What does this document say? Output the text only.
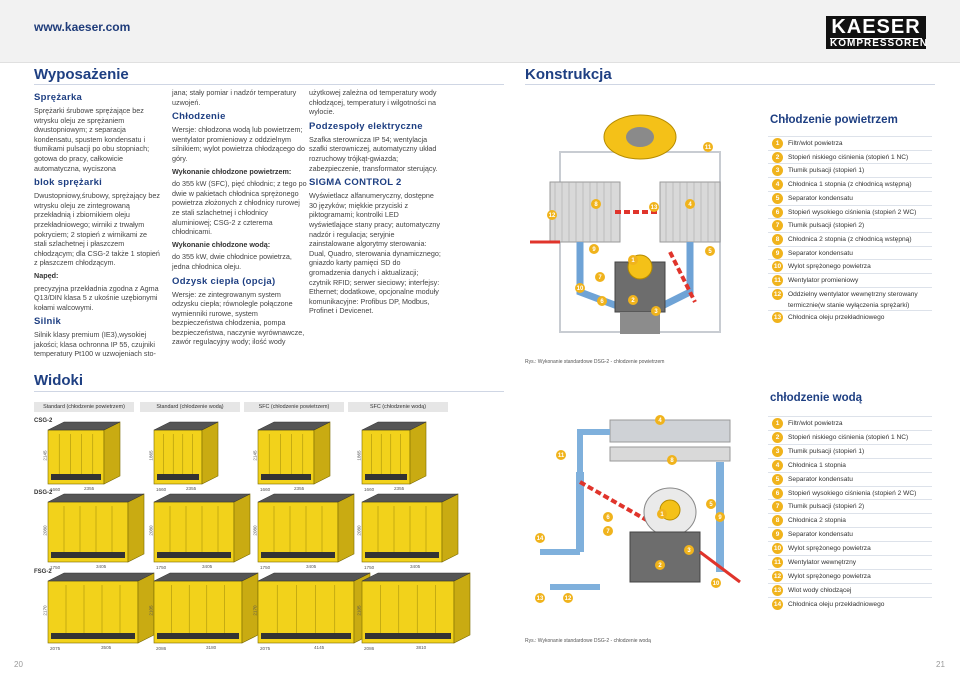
www.kaeser.com	KAESER
KOMPRESSOREN
Wyposażenie
Sprężarka

Sprężarki śrubowe sprężające bez wtrysku oleju ze sprężaniem dwustopniowym; z separacja kondensatu, spustem kondensatu i tłumikami pulsacji po obu stopniach; gotowa do pracy, całkowicie automatyczna, wyciszona

blok sprężarki

Dwustopniowy,śrubowy, sprężający bez wtrysku oleju ze zintegrowaną przekładnią i zbiornikiem oleju przekładniowego; wirniki z trwałym pokryciem; 2 stopień z wirnikami ze stali szlachetnej i płaszczem chłodzącym; dla CSG-2 także 1 stopień z płaszczem chłodzącym.

Napęd:

precyzyjna przekładnia zgodna z Agma Q13/DIN klasa 5 z ukośnie uzębionymi kołami walcowymi.

Silnik

Silnik klasy premium (IE3),wysokiej jakości; klasa ochronna IP 55, czujniki temperatury Pt100 w uzwojeniach sto-

jana; stały pomiar i nadzór temperatury uzwojeń.

Chłodzenie

Wersje: chłodzona wodą lub powietrzem; wentylator promieniowy z oddzielnym silnikiem; wylot powietrza chłodzącego do góry.

Wykonanie chłodzone powietrzem:

do 355 kW (SFC), pięć chłodnic; z tego po dwie w pakietach chłodnica sprężonego powietrza złożonych z chłodnicy rurowej ze stali szlachetnej i chłodnicy aluminiowej; CSG-2 z czterema chłodnicami.

Wykonanie chłodzone wodą:

do 355 kW, dwie chłodnice powietrza, jedna chłodnica oleju.

Odzysk ciepła (opcja)

Wersje: ze zintegrowanym system odzysku ciepła; równolegle połączone wymienniki rurowe, system bezpieczeństwa chłodzenia, pompa bezpieczeństwa, naczynie wyrównawcze, zawór regulacyjny wody; ilość wody

użytkowej zależna od temperatury wody chłodzącej, temperatury i wilgotności na wylocie.

Podzespoły elektryczne

Szafka sterownicza IP 54; wentylacja szafki sterowniczej, automatyczny układ rozruchowy trójkąt-gwiazda; zabezpieczenie, transformator sterujący.

SIGMA CONTROL 2

Wyświetlacz alfanumeryczny, dostępne 30 języków; miękkie przyciski z piktogramami; kontrolki LED wyświetlające stany pracy; automatyczny nadzór i regulacja; seryjnie zainstalowane algorytmy sterowania: Dual, Quadro, sterowania dynamicznego; gniazdo karty pamięci SD do gromadzenia danych i aktualizacji; czytnik RFID; serwer sieciowy; interfejsy: Ethernet; dodatkowe, opcjonalne moduły komunikacyjne: Profibus DP, Modbus, Profinet i Devicenet.

Widoki
Standard (chłodzenie powietrzem)	Standard (chłodzenie wodą)	SFC (chłodzenie powietrzem)	SFC (chłodzenie wodą)
20
Konstrukcja
1
2
3
4
5
6
7
8
9
10
11
12
13
Rys.: Wykonanie standardowe DSG-2 - chłodzenie powietrzem
Chłodzenie powietrzem
1	Filtr/wlot powietrza
2	Stopień niskiego ciśnienia (stopień 1 NC)
3	Tłumik pulsacji (stopień 1)
4	Chłodnica 1 stopnia (z chłodnicą wstępną)
5	Separator kondensatu
6	Stopień wysokiego ciśnienia (stopień 2 WC)
7	Tłumik pulsacji (stopień 2)
8	Chłodnica 2 stopnia (z chłodnicą wstępną)
9	Separator kondensatu
10 Wylot sprężonego powietrza
11	Wentylator promieniowy
12 Oddzielny wentylator wewnętrzny sterowany termicznie(w stanie wyłączenia sprężarki)
13 Chłodnica oleju przekładniowego
chłodzenie wodą
1
2
3
4
5
6
7
8
9
10
11
12
13
14
Rys.: Wykonanie standardowe DSG-2 - chłodzenie wodą
1	Filtr/wlot powietrza
2	Stopień niskiego ciśnienia (stopień 1 NC)
3	Tłumik pulsacji (stopień 1)
4	Chłodnica 1 stopnia
5	Separator kondensatu
6	Stopień wysokiego ciśnienia (stopień 2 WC)
7	Tłumik pulsacji (stopień 2)
8	Chłodnica 2 stopnia
9	Separator kondensatu
10 Wylot sprężonego powietrza
11	Wentylator wewnętrzny
12 Wylot sprężonego powietrza
13 Wlot wody chłodzącej
14 Chłodnica oleju przekładniowego
21
CSG-2
2145
1660	2355
1865
1660	2355
2145
1660	2355
1865
1660	2355
DSG-2
2080
1750	3405
2080
1750	3405
2080
1750	3405
2080
1750	3405
FSG-2
2170
2075	3505
2105
2086	3180
2170
2075	4145
2105
2086	3810
